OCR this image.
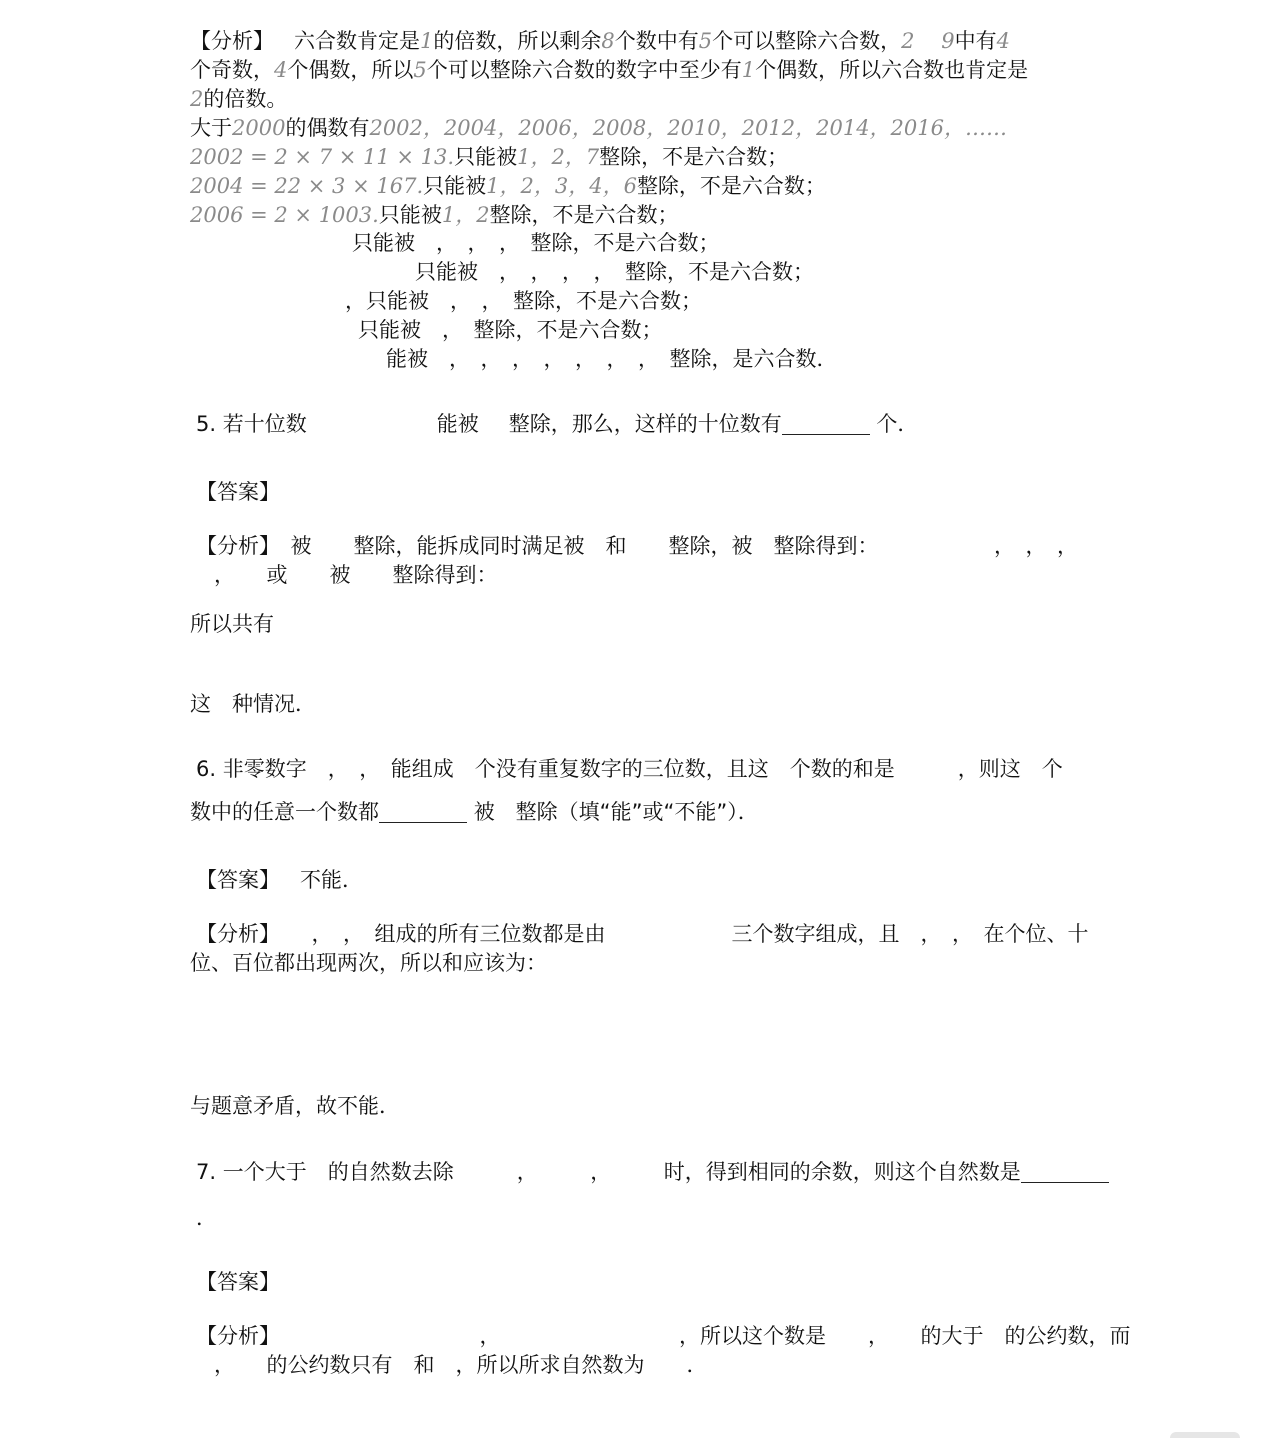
【分析】 六合数肯定是1的倍数，所以剩余8个数中有5个可以整除六合数，2 9中有4
个奇数，4个偶数，所以5个可以整除六合数的数字中至少有1个偶数，所以六合数也肯定是
2的倍数。
大于2000的偶数有2002，2004，2006，2008，2010，2012，2014，2016，……
2002 = 2 × 7 × 11 × 13.只能被1，2，7整除，不是六合数；
2004 = 22 × 3 × 167.只能被1，2，3，4，6整除，不是六合数；
2006 = 2 × 1003.只能被1，2整除，不是六合数；
只能被　，　，　，　整除，不是六合数；
只能被　，　，　，　，　整除，不是六合数；
，只能被　，　，　整除，不是六合数；
只能被　，　整除，不是六合数；
能被　，　，　，　，　，　，　，　整除，是六合数．
5. 若十位数	能被 整除，那么，这样的十位数有	个．
【答案】
【分析】　被　　整除，能拆成同时满足被　和　　整除，被　整除得到：　　　　　　，　，　，
，　　或　　被　　整除得到：
所以共有
这　种情况．
6. 非零数字　，　，　能组成　个没有重复数字的三位数，且这　个数的和是　　　，则这　个
数中的任意一个数都	被　整除（填“能”或“不能”）．
【答案】 不能．
【分析】　　，　，　组成的所有三位数都是由　　　　　　三个数字组成，且　，　，　在个位、十
位、百位都出现两次，所以和应该为：
与题意矛盾，故不能．
7. 一个大于　的自然数去除　　　，　　　，　　　时，得到相同的余数，则这个自然数是
．
【答案】
【分析】　　　　　　　　　　，　　　　　　　　　，所以这个数是　　，　　的大于　的公约数，而
，　　的公约数只有　和　，所以所求自然数为　　．
